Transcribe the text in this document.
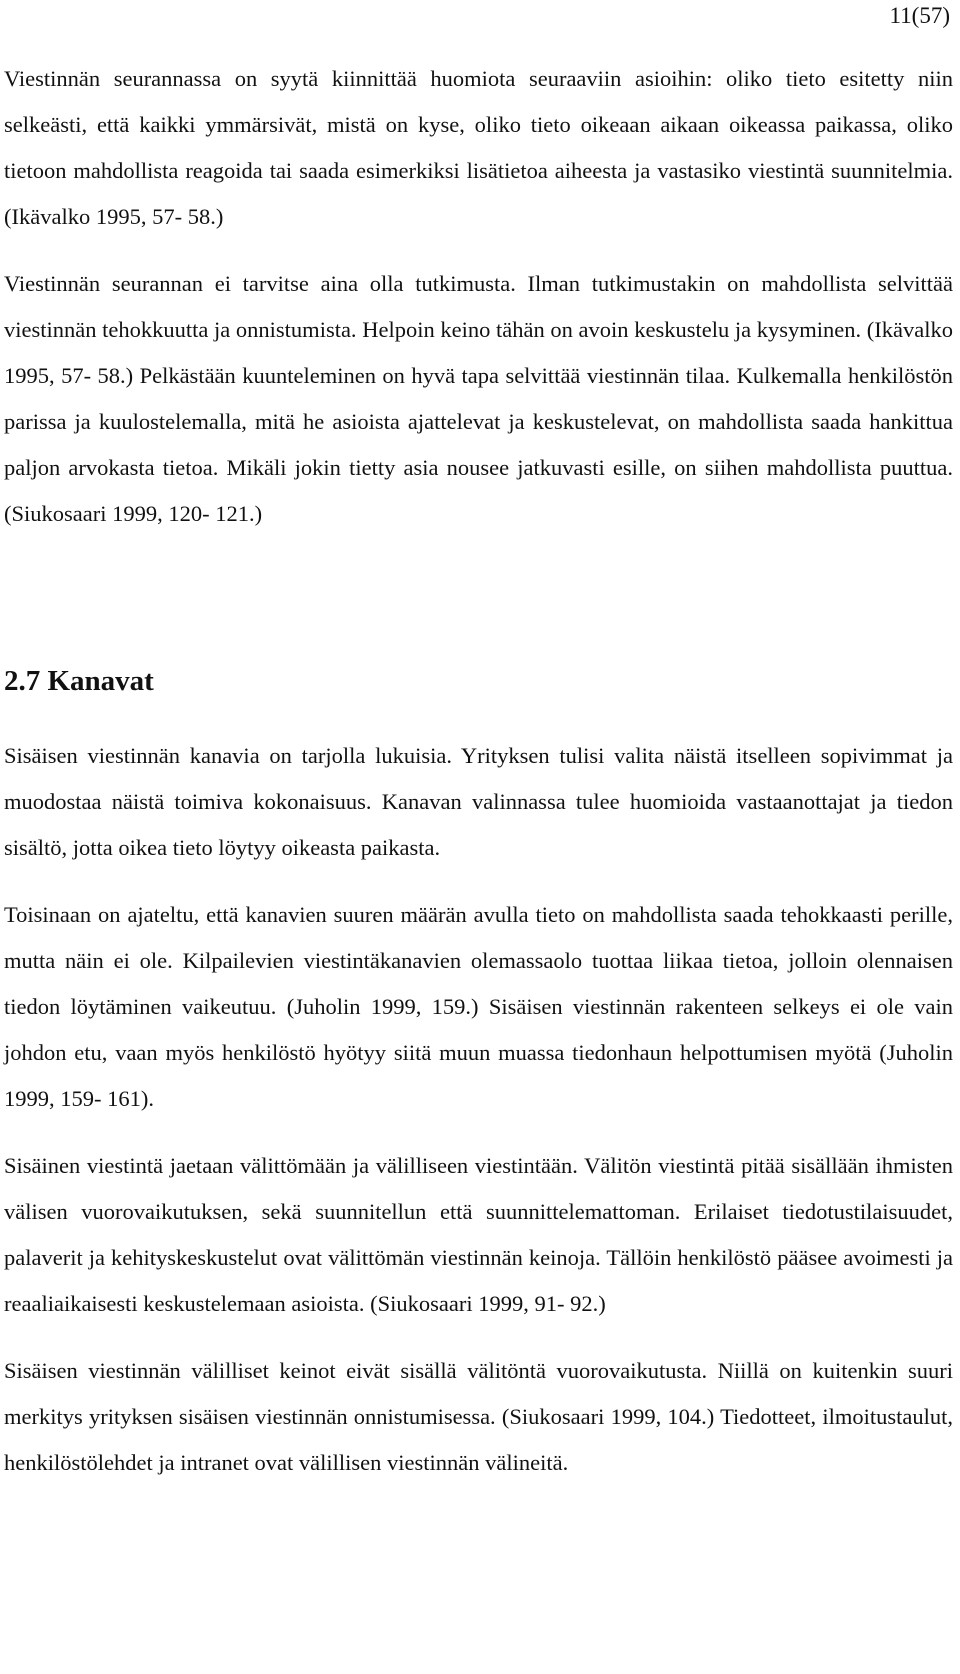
11(57)

Viestinnän seurannassa on syytä kiinnittää huomiota seuraaviin asioihin: oliko tieto esitetty niin selkeästi, että kaikki ymmärsivät, mistä on kyse, oliko tieto oikeaan aikaan oikeassa paikassa, oliko tietoon mahdollista reagoida tai saada esimerkiksi lisätietoa aiheesta ja vastasiko viestintä suunnitelmia. (Ikävalko 1995, 57- 58.)

Viestinnän seurannan ei tarvitse aina olla tutkimusta. Ilman tutkimustakin on mahdollista selvittää viestinnän tehokkuutta ja onnistumista. Helpoin keino tähän on avoin keskustelu ja kysyminen. (Ikävalko 1995, 57- 58.) Pelkästään kuunteleminen on hyvä tapa selvittää viestinnän tilaa. Kulkemalla henkilöstön parissa ja kuulostelemalla, mitä he asioista ajattelevat ja keskustelevat, on mahdollista saada hankittua paljon arvokasta tietoa. Mikäli jokin tietty asia nousee jatkuvasti esille, on siihen mahdollista puuttua. (Siukosaari 1999, 120- 121.)

2.7 Kanavat

Sisäisen viestinnän kanavia on tarjolla lukuisia. Yrityksen tulisi valita näistä itselleen sopivimmat ja muodostaa näistä toimiva kokonaisuus. Kanavan valinnassa tulee huomioida vastaanottajat ja tiedon sisältö, jotta oikea tieto löytyy oikeasta paikasta.

Toisinaan on ajateltu, että kanavien suuren määrän avulla tieto on mahdollista saada tehokkaasti perille, mutta näin ei ole. Kilpailevien viestintäkanavien olemassaolo tuottaa liikaa tietoa, jolloin olennaisen tiedon löytäminen vaikeutuu. (Juholin 1999, 159.) Sisäisen viestinnän rakenteen selkeys ei ole vain johdon etu, vaan myös henkilöstö hyötyy siitä muun muassa tiedonhaun helpottumisen myötä (Juholin 1999, 159- 161).

Sisäinen viestintä jaetaan välittömään ja välilliseen viestintään. Välitön viestintä pitää sisällään ihmisten välisen vuorovaikutuksen, sekä suunnitellun että suunnittelemattoman. Erilaiset tiedotustilaisuudet, palaverit ja kehityskeskustelut ovat välittömän viestinnän keinoja. Tällöin henkilöstö pääsee avoimesti ja reaaliaikaisesti keskustelemaan asioista. (Siukosaari 1999, 91- 92.)

Sisäisen viestinnän välilliset keinot eivät sisällä välitöntä vuorovaikutusta. Niillä on kuitenkin suuri merkitys yrityksen sisäisen viestinnän onnistumisessa. (Siukosaari 1999, 104.) Tiedotteet, ilmoitustaulut, henkilöstölehdet ja intranet ovat välillisen viestinnän välineitä.
